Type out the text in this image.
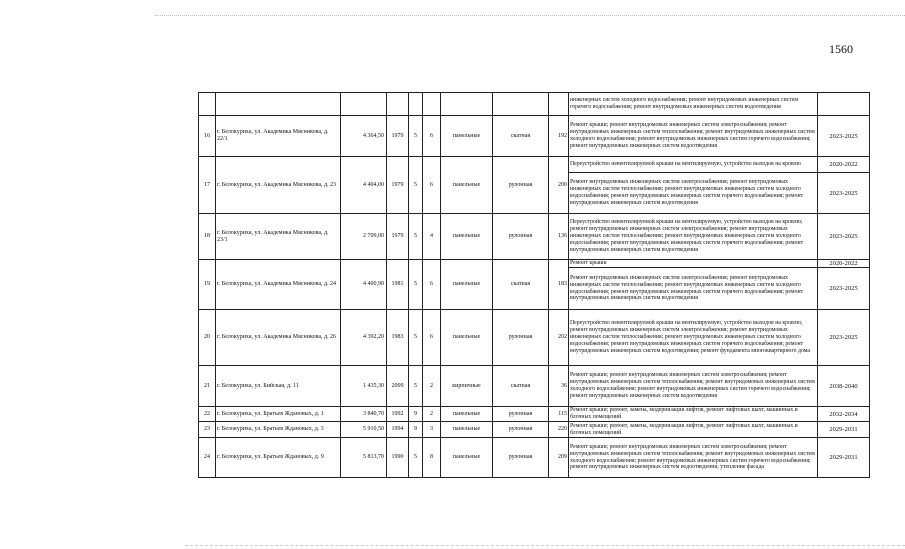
1560
									инженерных систем холодного водоснабжения; ремонт внутридомовых инженерных систем горячего водоснабжения; ремонт внутридомовых инженерных систем водоотведения	
16	г. Белокуриха, ул. Академика Мясникова, д. 22/1	4 364,50	1979	5	6	панельные	скатная	192	Ремонт крыши; ремонт внутридомовых инженерных систем электроснабжения; ремонт внутридомовых инженерных систем теплоснабжения; ремонт внутридомовых инженерных систем холодного водоснабжения; ремонт внутридомовых инженерных систем горячего водоснабжения; ремонт внутридомовых инженерных систем водоотведения	2023-2025
17	г. Белокуриха, ул. Академика Мясникова, д. 23	4 404,00	1979	5	6	панельные	рулонная	200	Переустройство невентилируемой крыши на вентилируемую, устройство выходов на кровлю	2020-2022
									Ремонт внутридомовых инженерных систем электроснабжения; ремонт внутридомовых инженерных систем теплоснабжения; ремонт внутридомовых инженерных систем холодного водоснабжения; ремонт внутридомовых инженерных систем горячего водоснабжения; ремонт внутридомовых инженерных систем водоотведения	2023-2025
18	г. Белокуриха, ул. Академика Мясникова, д. 23/1	2 709,00	1979	5	4	панельные	рулонная	136	Переустройство невентилируемой крыши на вентилируемую, устройство выходов на кровлю; ремонт внутридомовых инженерных систем электроснабжения; ремонт внутридомовых инженерных систем теплоснабжения; ремонт внутридомовых инженерных систем холодного водоснабжения; ремонт внутридомовых инженерных систем горячего водоснабжения; ремонт внутридомовых инженерных систем водоотведения	2023-2025
19	г. Белокуриха, ул. Академика Мясникова, д. 24	4 400,90	1981	5	6	панельные	скатная	183	Ремонт крыши	2020-2022
									Ремонт внутридомовых инженерных систем электроснабжения; ремонт внутридомовых инженерных систем теплоснабжения; ремонт внутридомовых инженерных систем холодного водоснабжения; ремонт внутридомовых инженерных систем горячего водоснабжения; ремонт внутридомовых инженерных систем водоотведения	2023-2025
20	г. Белокуриха, ул. Академика Мясникова, д. 26	4 392,20	1983	5	6	панельные	рулонная	202	Переустройство невентилируемой крыши на вентилируемую, устройство выходов на кровлю; ремонт внутридомовых инженерных систем электроснабжения; ремонт внутридомовых инженерных систем теплоснабжения; ремонт внутридомовых инженерных систем холодного водоснабжения; ремонт внутридомовых инженерных систем горячего водоснабжения; ремонт внутридомовых инженерных систем водоотведения; ремонт фундамента многоквартирного дома	2023-2025
21	г. Белокуриха, ул. Бийская, д. 11	1 435,30	2009	5	2	кирпичные	скатная	36	Ремонт крыши; ремонт внутридомовых инженерных систем электроснабжения; ремонт внутридомовых инженерных систем теплоснабжения; ремонт внутридомовых инженерных систем холодного водоснабжения; ремонт внутридомовых инженерных систем горячего водоснабжения; ремонт внутридомовых инженерных систем водоотведения	2038-2040
22	г. Белокуриха, ул. Братьев Ждановых, д. 1	3 840,70	1992	9	2	панельные	рулонная	115	Ремонт крыши; ремонт, замена, модернизация лифтов, ремонт лифтовых шахт, машинных и блочных помещений	2032-2034
23	г. Белокуриха, ул. Братьев Ждановых, д. 3	5 910,50	1994	9	3	панельные	рулонная	220	Ремонт крыши; ремонт, замена, модернизация лифтов, ремонт лифтовых шахт, машинных и блочных помещений	2029-2031
24	г. Белокуриха, ул. Братьев Ждановых, д. 9	5 813,70	1990	5	8	панельные	рулонная	209	Ремонт крыши; ремонт внутридомовых инженерных систем электроснабжения; ремонт внутридомовых инженерных систем теплоснабжения; ремонт внутридомовых инженерных систем холодного водоснабжения; ремонт внутридомовых инженерных систем горячего водоснабжения; ремонт внутридомовых инженерных систем водоотведения; утепление фасада	2029-2031
